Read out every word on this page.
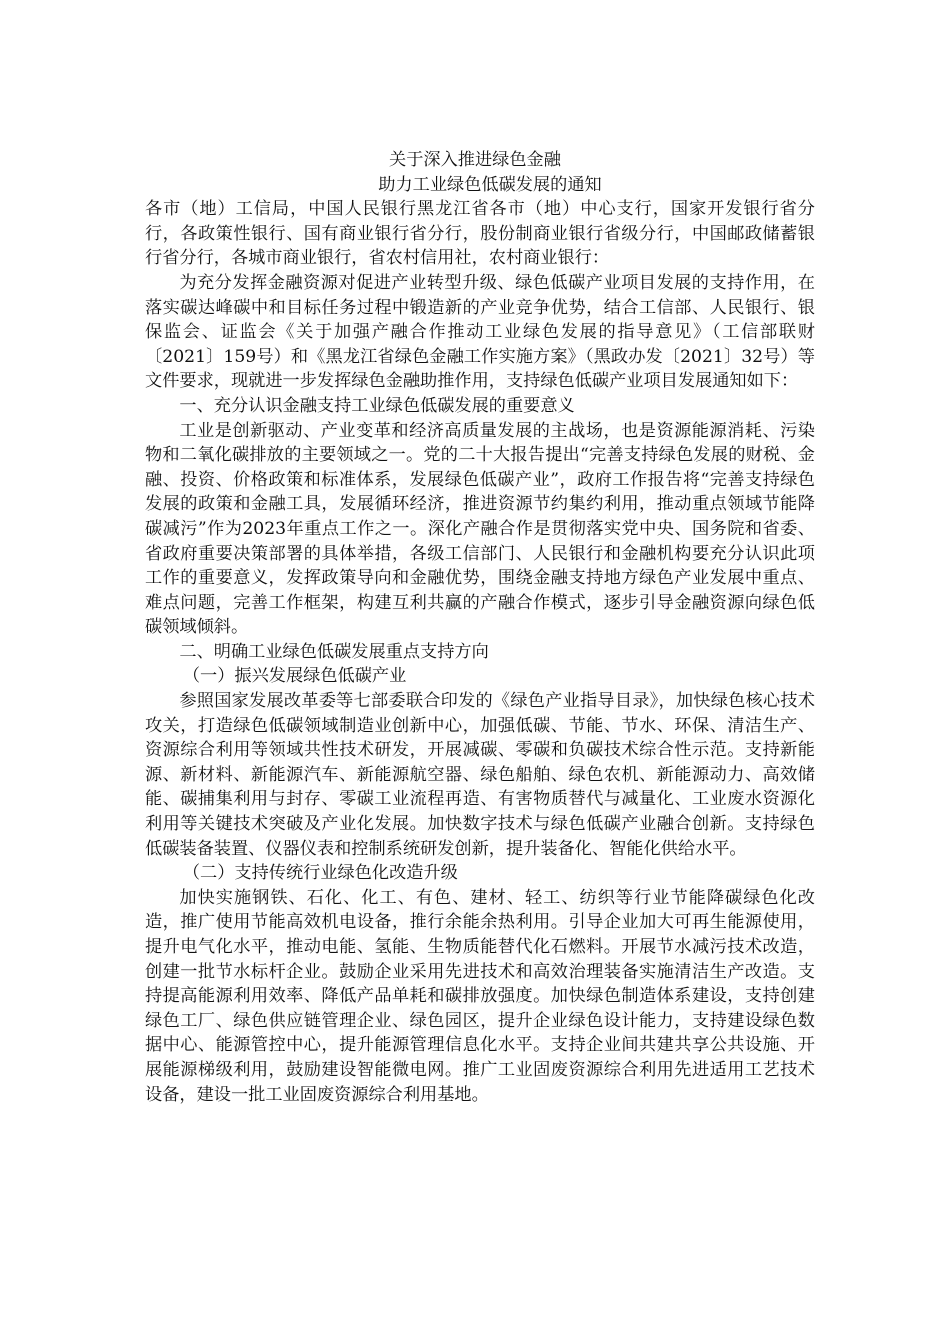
关于深入推进绿色金融

助力工业绿色低碳发展的通知

各市（地）工信局，中国人民银行黑龙江省各市（地）中心支行，国家开发银行省分行，各政策性银行、国有商业银行省分行，股份制商业银行省级分行，中国邮政储蓄银行省分行，各城市商业银行，省农村信用社，农村商业银行：

为充分发挥金融资源对促进产业转型升级、绿色低碳产业项目发展的支持作用，在落实碳达峰碳中和目标任务过程中锻造新的产业竞争优势，结合工信部、人民银行、银保监会、证监会《关于加强产融合作推动工业绿色发展的指导意见》（工信部联财〔2021〕159号）和《黑龙江省绿色金融工作实施方案》（黑政办发〔2021〕32号）等文件要求，现就进一步发挥绿色金融助推作用，支持绿色低碳产业项目发展通知如下：

一、充分认识金融支持工业绿色低碳发展的重要意义

工业是创新驱动、产业变革和经济高质量发展的主战场，也是资源能源消耗、污染物和二氧化碳排放的主要领域之一。党的二十大报告提出“完善支持绿色发展的财税、金融、投资、价格政策和标准体系，发展绿色低碳产业”，政府工作报告将“完善支持绿色发展的政策和金融工具，发展循环经济，推进资源节约集约利用，推动重点领域节能降碳减污”作为2023年重点工作之一。深化产融合作是贯彻落实党中央、国务院和省委、省政府重要决策部署的具体举措，各级工信部门、人民银行和金融机构要充分认识此项工作的重要意义，发挥政策导向和金融优势，围绕金融支持地方绿色产业发展中重点、难点问题，完善工作框架，构建互利共赢的产融合作模式，逐步引导金融资源向绿色低碳领域倾斜。

二、明确工业绿色低碳发展重点支持方向

（一）振兴发展绿色低碳产业

参照国家发展改革委等七部委联合印发的《绿色产业指导目录》，加快绿色核心技术攻关，打造绿色低碳领域制造业创新中心，加强低碳、节能、节水、环保、清洁生产、资源综合利用等领域共性技术研发，开展减碳、零碳和负碳技术综合性示范。支持新能源、新材料、新能源汽车、新能源航空器、绿色船舶、绿色农机、新能源动力、高效储能、碳捕集利用与封存、零碳工业流程再造、有害物质替代与减量化、工业废水资源化利用等关键技术突破及产业化发展。加快数字技术与绿色低碳产业融合创新。支持绿色低碳装备装置、仪器仪表和控制系统研发创新，提升装备化、智能化供给水平。

（二）支持传统行业绿色化改造升级

加快实施钢铁、石化、化工、有色、建材、轻工、纺织等行业节能降碳绿色化改造，推广使用节能高效机电设备，推行余能余热利用。引导企业加大可再生能源使用，提升电气化水平，推动电能、氢能、生物质能替代化石燃料。开展节水减污技术改造，创建一批节水标杆企业。鼓励企业采用先进技术和高效治理装备实施清洁生产改造。支持提高能源利用效率、降低产品单耗和碳排放强度。加快绿色制造体系建设，支持创建绿色工厂、绿色供应链管理企业、绿色园区，提升企业绿色设计能力，支持建设绿色数据中心、能源管控中心，提升能源管理信息化水平。支持企业间共建共享公共设施、开展能源梯级利用，鼓励建设智能微电网。推广工业固废资源综合利用先进适用工艺技术设备，建设一批工业固废资源综合利用基地。
